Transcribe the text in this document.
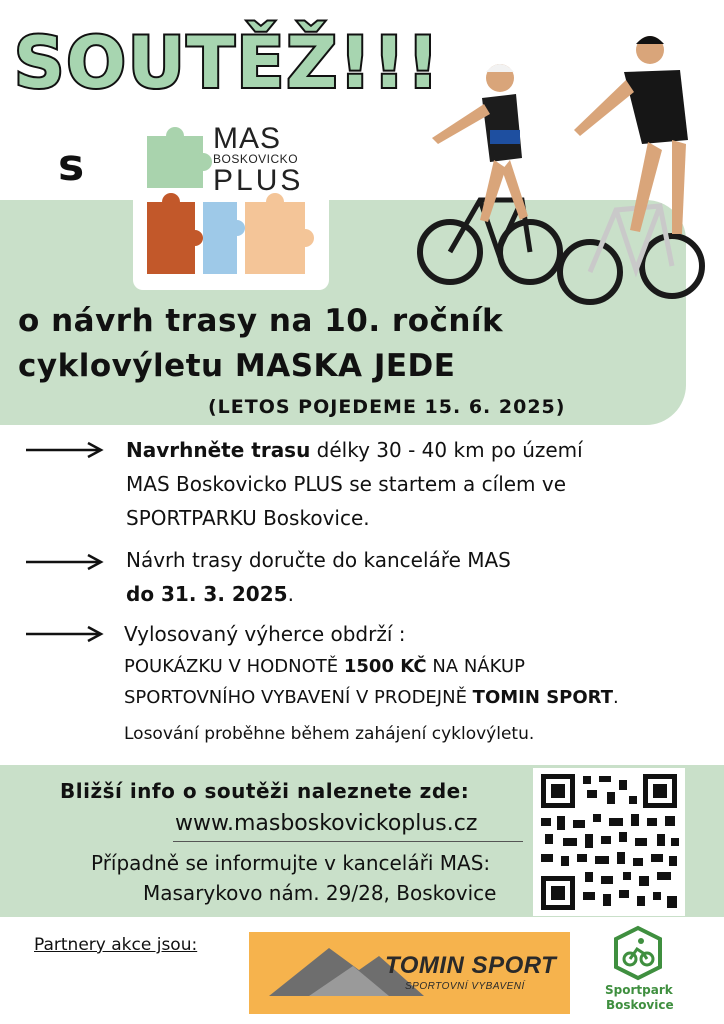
SOUTĚŽ!!!
s
MAS
BOSKOVICKO
PLUS
o návrh trasy na 10. ročník
cyklovýletu MASKA JEDE
(LETOS POJEDEME 15. 6. 2025)
Navrhněte trasu délky 30 - 40 km po území
MAS Boskovicko PLUS se startem a cílem ve
SPORTPARKU Boskovice.
Návrh trasy doručte do kanceláře MAS
do 31. 3. 2025.
Vylosovaný výherce obdrží :
POUKÁZKU V HODNOTĚ 1500 KČ NA NÁKUP
SPORTOVNÍHO VYBAVENÍ V PRODEJNĚ TOMIN SPORT.
Losování proběhne během zahájení cyklovýletu.
Bližší info o soutěži naleznete zde:
www.masboskovickoplus.cz
Případně se informujte v kanceláři MAS:
Masarykovo nám. 29/28, Boskovice
Partnery akce jsou:
TOMIN SPORT
SPORTOVNÍ VYBAVENÍ	Sportpark
Boskovice
